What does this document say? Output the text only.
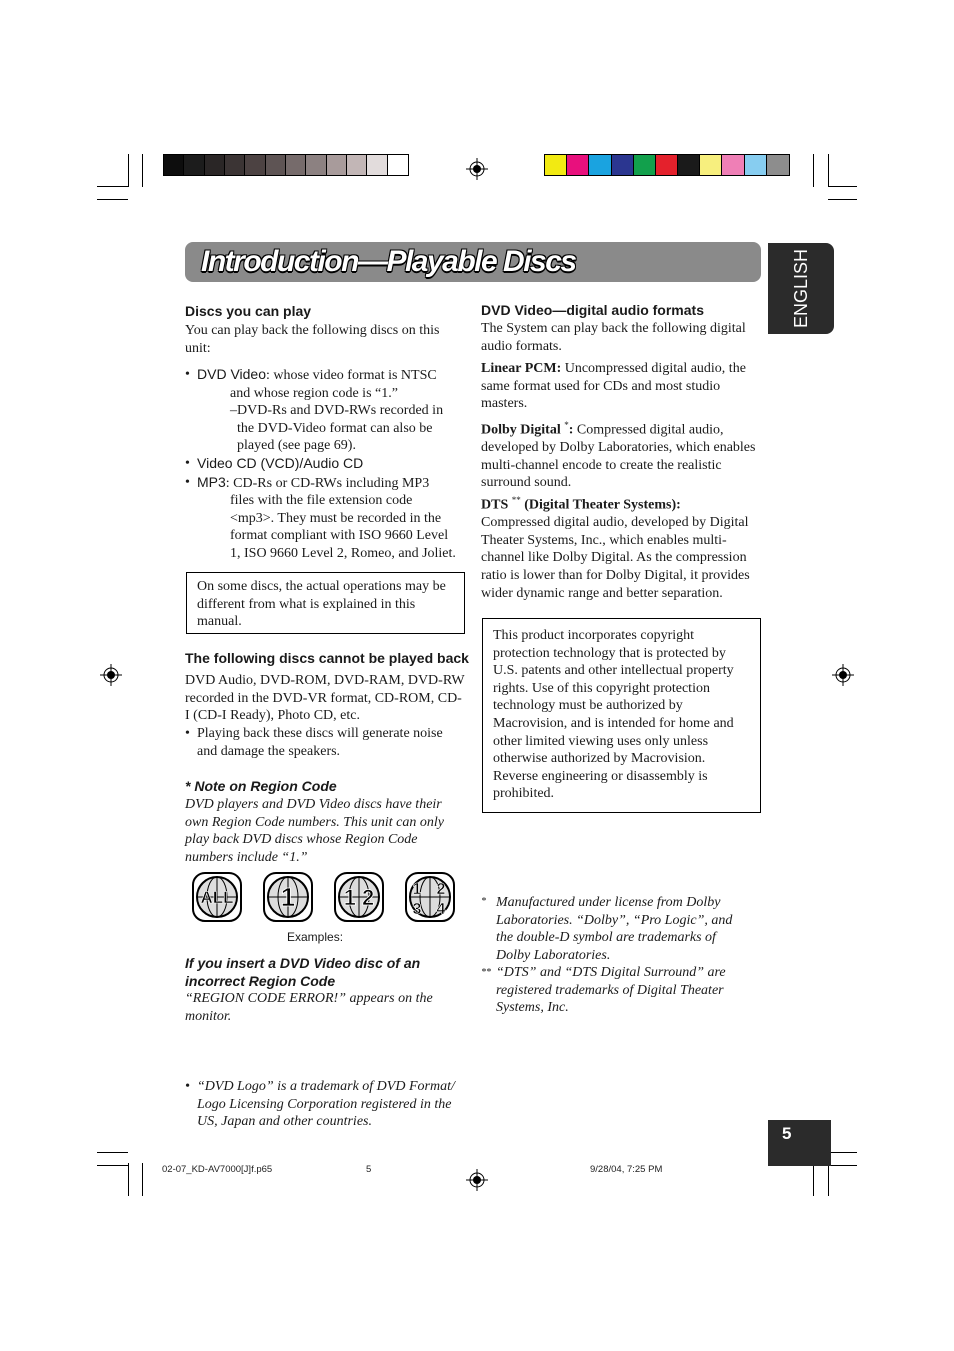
Introduction—Playable Discs	ENGLISH
Discs you can play
You can play back the following discs on this unit:
• DVD Video: whose video format is NTSC
and whose region code is “1.”
–DVD-Rs and DVD-RWs recorded in
the DVD-Video format can also be
played (see page 69).
• Video CD (VCD)/Audio CD
• MP3: CD-Rs or CD-RWs including MP3
files with the file extension code
<mp3>. They must be recorded in the
format compliant with ISO 9660 Level
1, ISO 9660 Level 2, Romeo, and Joliet.
On some discs, the actual operations may be different from what is explained in this manual.
The following discs cannot be played back
DVD Audio, DVD-ROM, DVD-RAM, DVD-RW recorded in the DVD-VR format, CD-ROM, CD-I (CD-I Ready), Photo CD, etc.
• Playing back these discs will generate noise and damage the speakers.
* Note on Region Code
DVD players and DVD Video discs have their own Region Code numbers. This unit can only play back DVD discs whose Region Code numbers include “1.”
ALL 1 1 2 1 2
3 4
Examples:
If you insert a DVD Video disc of an incorrect Region Code
“REGION CODE ERROR!” appears on the monitor.
• “DVD Logo” is a trademark of DVD Format/ Logo Licensing Corporation registered in the US, Japan and other countries.
DVD Video—digital audio formats
The System can play back the following digital audio formats.
Linear PCM: Uncompressed digital audio, the same format used for CDs and most studio masters.
Dolby Digital *: Compressed digital audio, developed by Dolby Laboratories, which enables multi-channel encode to create the realistic surround sound.
DTS ** (Digital Theater Systems):
Compressed digital audio, developed by Digital Theater Systems, Inc., which enables multi-channel like Dolby Digital. As the compression ratio is lower than for Dolby Digital, it provides wider dynamic range and better separation.
This product incorporates copyright protection technology that is protected by U.S. patents and other intellectual property rights. Use of this copyright protection technology must be authorized by Macrovision, and is intended for home and other limited viewing uses only unless otherwise authorized by Macrovision. Reverse engineering or disassembly is prohibited.
* Manufactured under license from Dolby Laboratories. “Dolby”, “Pro Logic”, and the double-D symbol are trademarks of Dolby Laboratories.
** “DTS” and “DTS Digital Surround” are registered trademarks of Digital Theater Systems, Inc.
5
02-07_KD-AV7000[J]f.p65	5	9/28/04, 7:25 PM
